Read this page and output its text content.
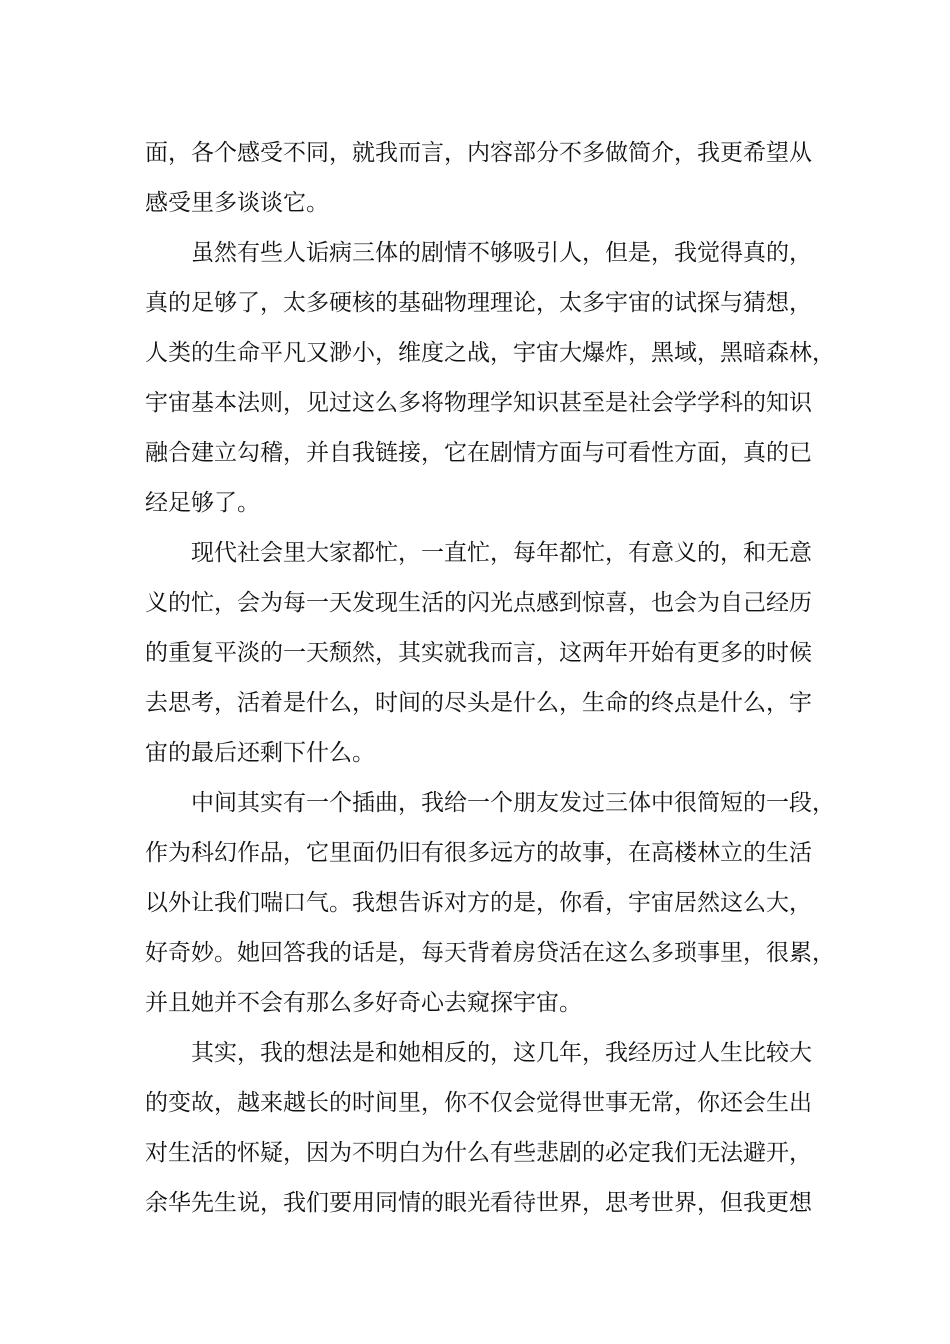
面，各个感受不同，就我而言，内容部分不多做简介，我更希望从
感受里多谈谈它。
　　虽然有些人诟病三体的剧情不够吸引人，但是，我觉得真的，
真的足够了，太多硬核的基础物理理论，太多宇宙的试探与猜想，
人类的生命平凡又渺小，维度之战，宇宙大爆炸，黑域，黑暗森林，
宇宙基本法则，见过这么多将物理学知识甚至是社会学学科的知识
融合建立勾稽，并自我链接，它在剧情方面与可看性方面，真的已
经足够了。
　　现代社会里大家都忙，一直忙，每年都忙，有意义的，和无意
义的忙，会为每一天发现生活的闪光点感到惊喜，也会为自己经历
的重复平淡的一天颓然，其实就我而言，这两年开始有更多的时候
去思考，活着是什么，时间的尽头是什么，生命的终点是什么，宇
宙的最后还剩下什么。
　　中间其实有一个插曲，我给一个朋友发过三体中很简短的一段，
作为科幻作品，它里面仍旧有很多远方的故事，在高楼林立的生活
以外让我们喘口气。我想告诉对方的是，你看，宇宙居然这么大，
好奇妙。她回答我的话是，每天背着房贷活在这么多琐事里，很累，
并且她并不会有那么多好奇心去窥探宇宙。
　　其实，我的想法是和她相反的，这几年，我经历过人生比较大
的变故，越来越长的时间里，你不仅会觉得世事无常，你还会生出
对生活的怀疑，因为不明白为什么有些悲剧的必定我们无法避开，
余华先生说，我们要用同情的眼光看待世界，思考世界，但我更想
